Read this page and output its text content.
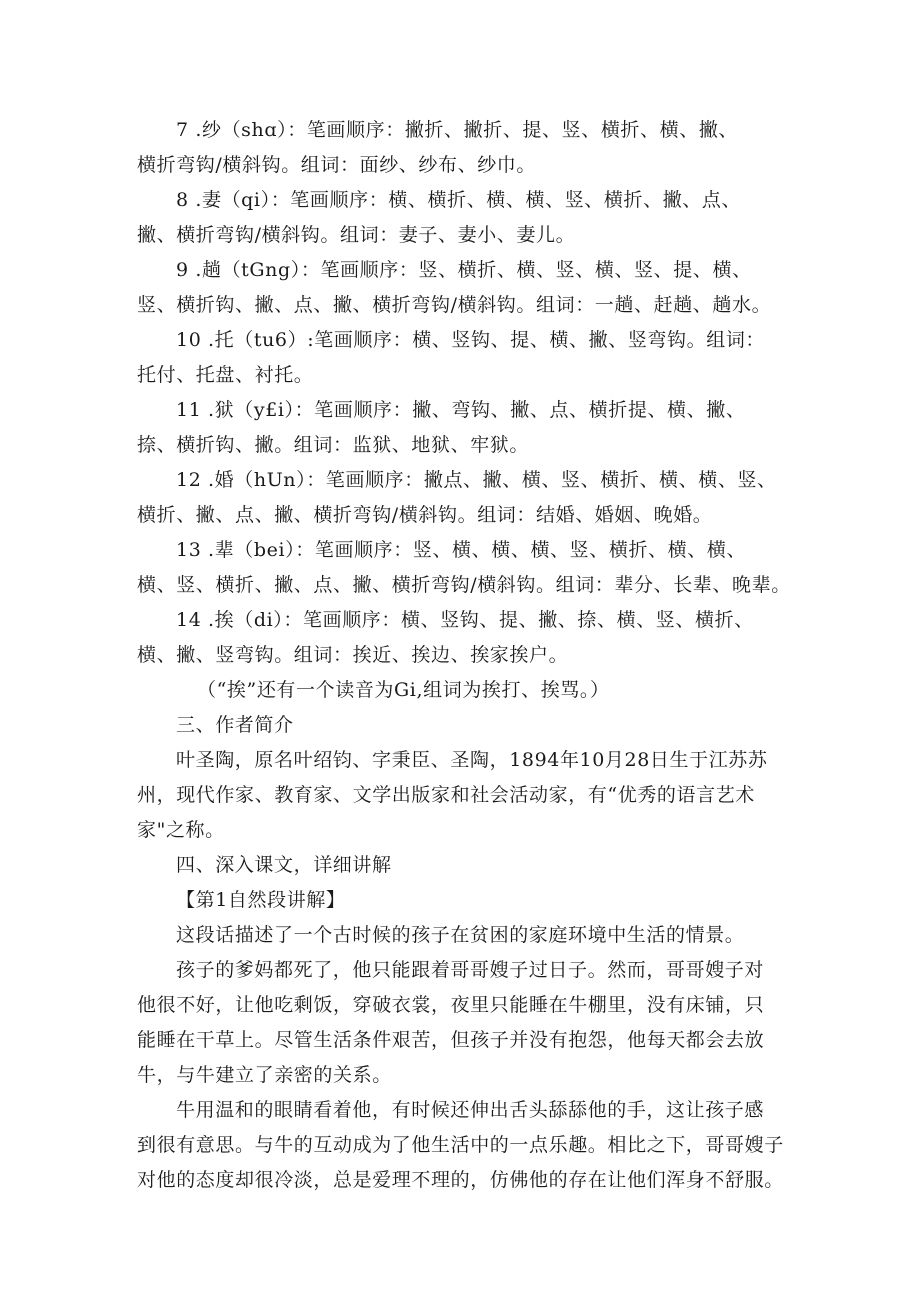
7 .纱（shɑ）：笔画顺序：撇折、撇折、提、竖、横折、横、撇、
横折弯钩/横斜钩。组词：面纱、纱布、纱巾。
8 .妻（qi）：笔画顺序：横、横折、横、横、竖、横折、撇、点、
撇、横折弯钩/横斜钩。组词：妻子、妻小、妻儿。
9 .趟（tGng）：笔画顺序：竖、横折、横、竖、横、竖、提、横、
竖、横折钩、撇、点、撇、横折弯钩/横斜钩。组词：一趟、赶趟、趟水。
10 .托（tu6）:笔画顺序：横、竖钩、提、横、撇、竖弯钩。组词：
托付、托盘、衬托。
11 .狱（y£i）：笔画顺序：撇、弯钩、撇、点、横折提、横、撇、
捺、横折钩、撇。组词：监狱、地狱、牢狱。
12 .婚（hUn）：笔画顺序：撇点、撇、横、竖、横折、横、横、竖、
横折、撇、点、撇、横折弯钩/横斜钩。组词：结婚、婚姻、晚婚。
13 .辈（bei）：笔画顺序：竖、横、横、横、竖、横折、横、横、
横、竖、横折、撇、点、撇、横折弯钩/横斜钩。组词：辈分、长辈、晚辈。
14 .挨（di）：笔画顺序：横、竖钩、提、撇、捺、横、竖、横折、
横、撇、竖弯钩。组词：挨近、挨边、挨家挨户。
（“挨”还有一个读音为Gi,组词为挨打、挨骂。）
三、作者简介
叶圣陶，原名叶绍钧、字秉臣、圣陶，1894年10月28日生于江苏苏
州，现代作家、教育家、文学出版家和社会活动家，有“优秀的语言艺术
家"之称。
四、深入课文，详细讲解
【第1自然段讲解】
这段话描述了一个古时候的孩子在贫困的家庭环境中生活的情景。
孩子的爹妈都死了，他只能跟着哥哥嫂子过日子。然而，哥哥嫂子对
他很不好，让他吃剩饭，穿破衣裳，夜里只能睡在牛棚里，没有床铺，只
能睡在干草上。尽管生活条件艰苦，但孩子并没有抱怨，他每天都会去放
牛，与牛建立了亲密的关系。
牛用温和的眼睛看着他，有时候还伸出舌头舔舔他的手，这让孩子感
到很有意思。与牛的互动成为了他生活中的一点乐趣。相比之下，哥哥嫂子
对他的态度却很冷淡，总是爱理不理的，仿佛他的存在让他们浑身不舒服。
